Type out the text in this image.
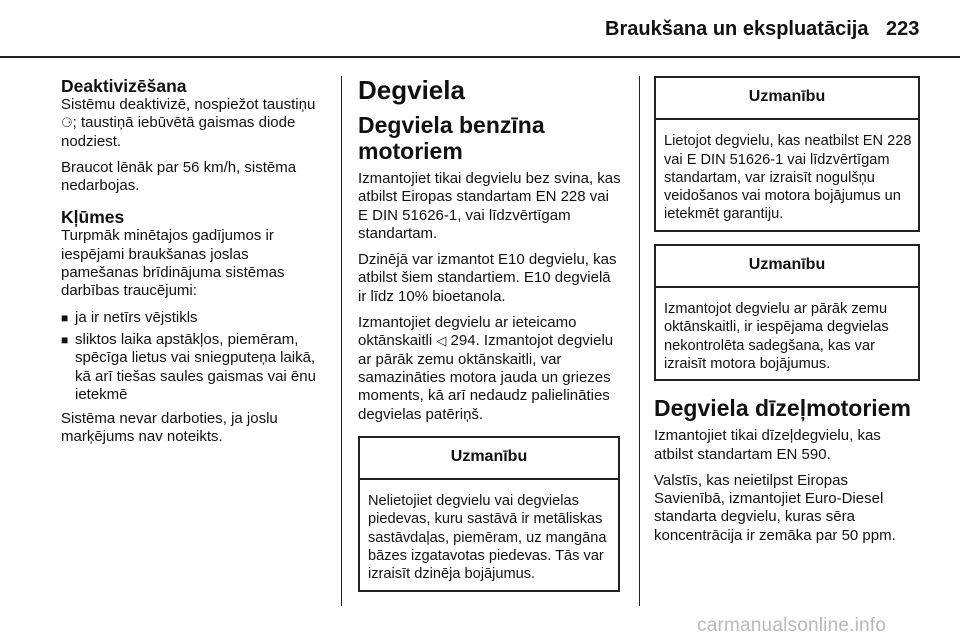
Braukšana un ekspluatācija 223
Deaktivizēšana

Sistēmu deaktivizē, nospiežot taustiņu ⚆; taustiņā iebūvētā gaismas diode nodziest.

Braucot lēnāk par 56 km/h, sistēma nedarbojas.

Kļūmes

Turpmāk minētajos gadījumos ir iespējami braukšanas joslas pamešanas brīdinājuma sistēmas darbības traucējumi:

■ ja ir netīrs vējstikls
■ sliktos laika apstākļos, piemēram, spēcīga lietus vai sniegputeņa laikā, kā arī tiešas saules gaismas vai ēnu ietekmē

Sistēma nevar darboties, ja joslu marķējums nav noteikts.

Degviela
Degviela benzīna motoriem

Izmantojiet tikai degvielu bez svina, kas atbilst Eiropas standartam EN 228 vai E DIN 51626-1, vai līdzvērtīgam standartam.

Dzinējā var izmantot E10 degvielu, kas atbilst šiem standartiem. E10 degvielā ir līdz 10% bioetanola.

Izmantojiet degvielu ar ieteicamo oktānskaitli ◁ 294. Izmantojot degvielu ar pārāk zemu oktānskaitli, var samazināties motora jauda un griezes moments, kā arī nedaudz palielināties degvielas patēriņš.

Uzmanību
Nelietojiet degvielu vai degvielas piedevas, kuru sastāvā ir metāliskas sastāvdaļas, piemēram, uz mangāna bāzes izgatavotas piedevas. Tās var izraisīt dzinēja bojājumus.
Uzmanību
Lietojot degvielu, kas neatbilst EN 228 vai E DIN 51626-1 vai līdzvērtīgam standartam, var izraisīt nogulšņu veidošanos vai motora bojājumus un ietekmēt garantiju.
Uzmanību
Izmantojot degvielu ar pārāk zemu oktānskaitli, ir iespējama degvielas nekontrolēta sadegšana, kas var izraisīt motora bojājumus.
Degviela dīzeļmotoriem

Izmantojiet tikai dīzeļdegvielu, kas atbilst standartam EN 590.

Valstīs, kas neietilpst Eiropas Savienībā, izmantojiet Euro-Diesel standarta degvielu, kuras sēra koncentrācija ir zemāka par 50 ppm.

carmanualsonline.info
